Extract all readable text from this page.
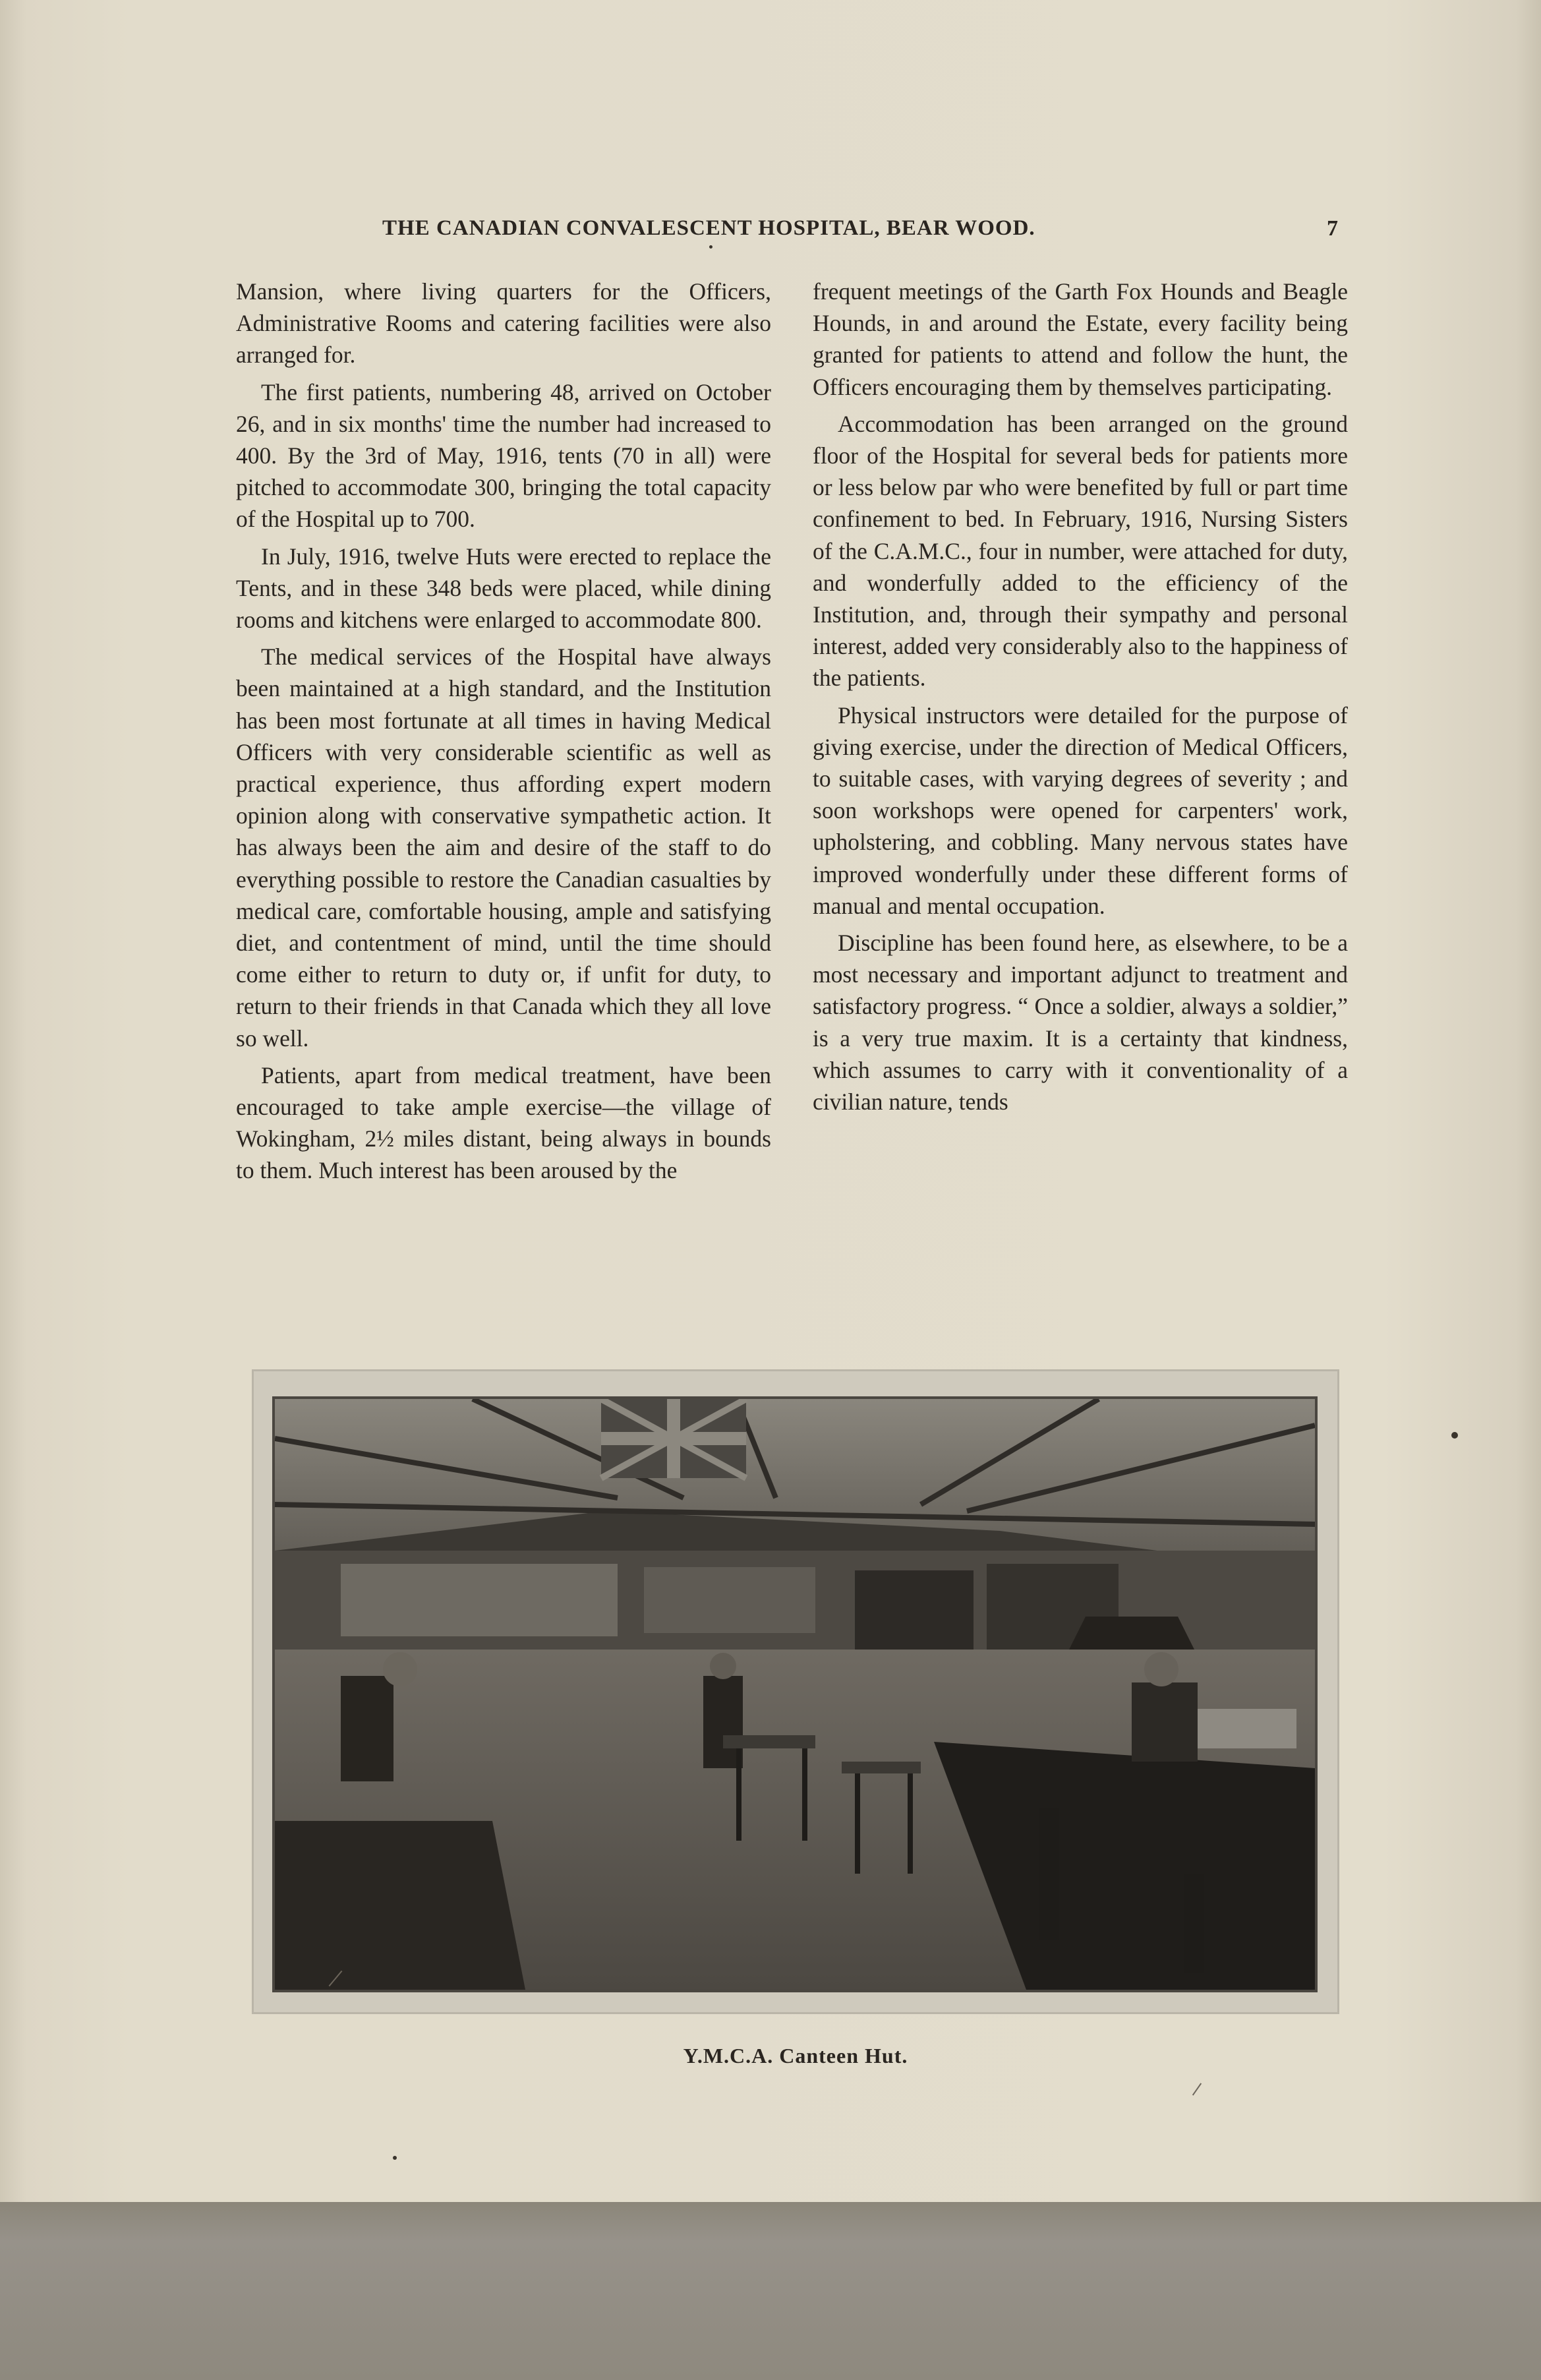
THE CANADIAN CONVALESCENT HOSPITAL, BEAR WOOD.	7

Mansion, where living quarters for the Officers, Administrative Rooms and catering facilities were also arranged for.

The first patients, numbering 48, arrived on October 26, and in six months' time the number had increased to 400. By the 3rd of May, 1916, tents (70 in all) were pitched to accommodate 300, bringing the total capacity of the Hospital up to 700.

In July, 1916, twelve Huts were erected to replace the Tents, and in these 348 beds were placed, while dining rooms and kitchens were enlarged to accommodate 800.

The medical services of the Hospital have always been maintained at a high standard, and the Institution has been most fortunate at all times in having Medical Officers with very considerable scientific as well as practical experience, thus affording expert modern opinion along with conservative sympathetic action. It has always been the aim and desire of the staff to do everything possible to restore the Canadian casualties by medical care, comfortable housing, ample and satisfying diet, and contentment of mind, until the time should come either to return to duty or, if unfit for duty, to return to their friends in that Canada which they all love so well.

Patients, apart from medical treatment, have been encouraged to take ample exercise—the village of Wokingham, 2½ miles distant, being always in bounds to them. Much interest has been aroused by the

frequent meetings of the Garth Fox Hounds and Beagle Hounds, in and around the Estate, every facility being granted for patients to attend and follow the hunt, the Officers encouraging them by themselves participating.

Accommodation has been arranged on the ground floor of the Hospital for several beds for patients more or less below par who were benefited by full or part time confinement to bed. In February, 1916, Nursing Sisters of the C.A.M.C., four in number, were attached for duty, and wonderfully added to the efficiency of the Institution, and, through their sympathy and personal interest, added very considerably also to the happiness of the patients.

Physical instructors were detailed for the purpose of giving exercise, under the direction of Medical Officers, to suitable cases, with varying degrees of severity ; and soon workshops were opened for carpenters' work, upholstering, and cobbling. Many nervous states have improved wonderfully under these different forms of manual and mental occupation.

Discipline has been found here, as elsewhere, to be a most necessary and important adjunct to treatment and satisfactory progress. “ Once a soldier, always a soldier,” is a very true maxim. It is a certainty that kindness, which assumes to carry with it conventionality of a civilian nature, tends

Y.M.C.A. Canteen Hut.
